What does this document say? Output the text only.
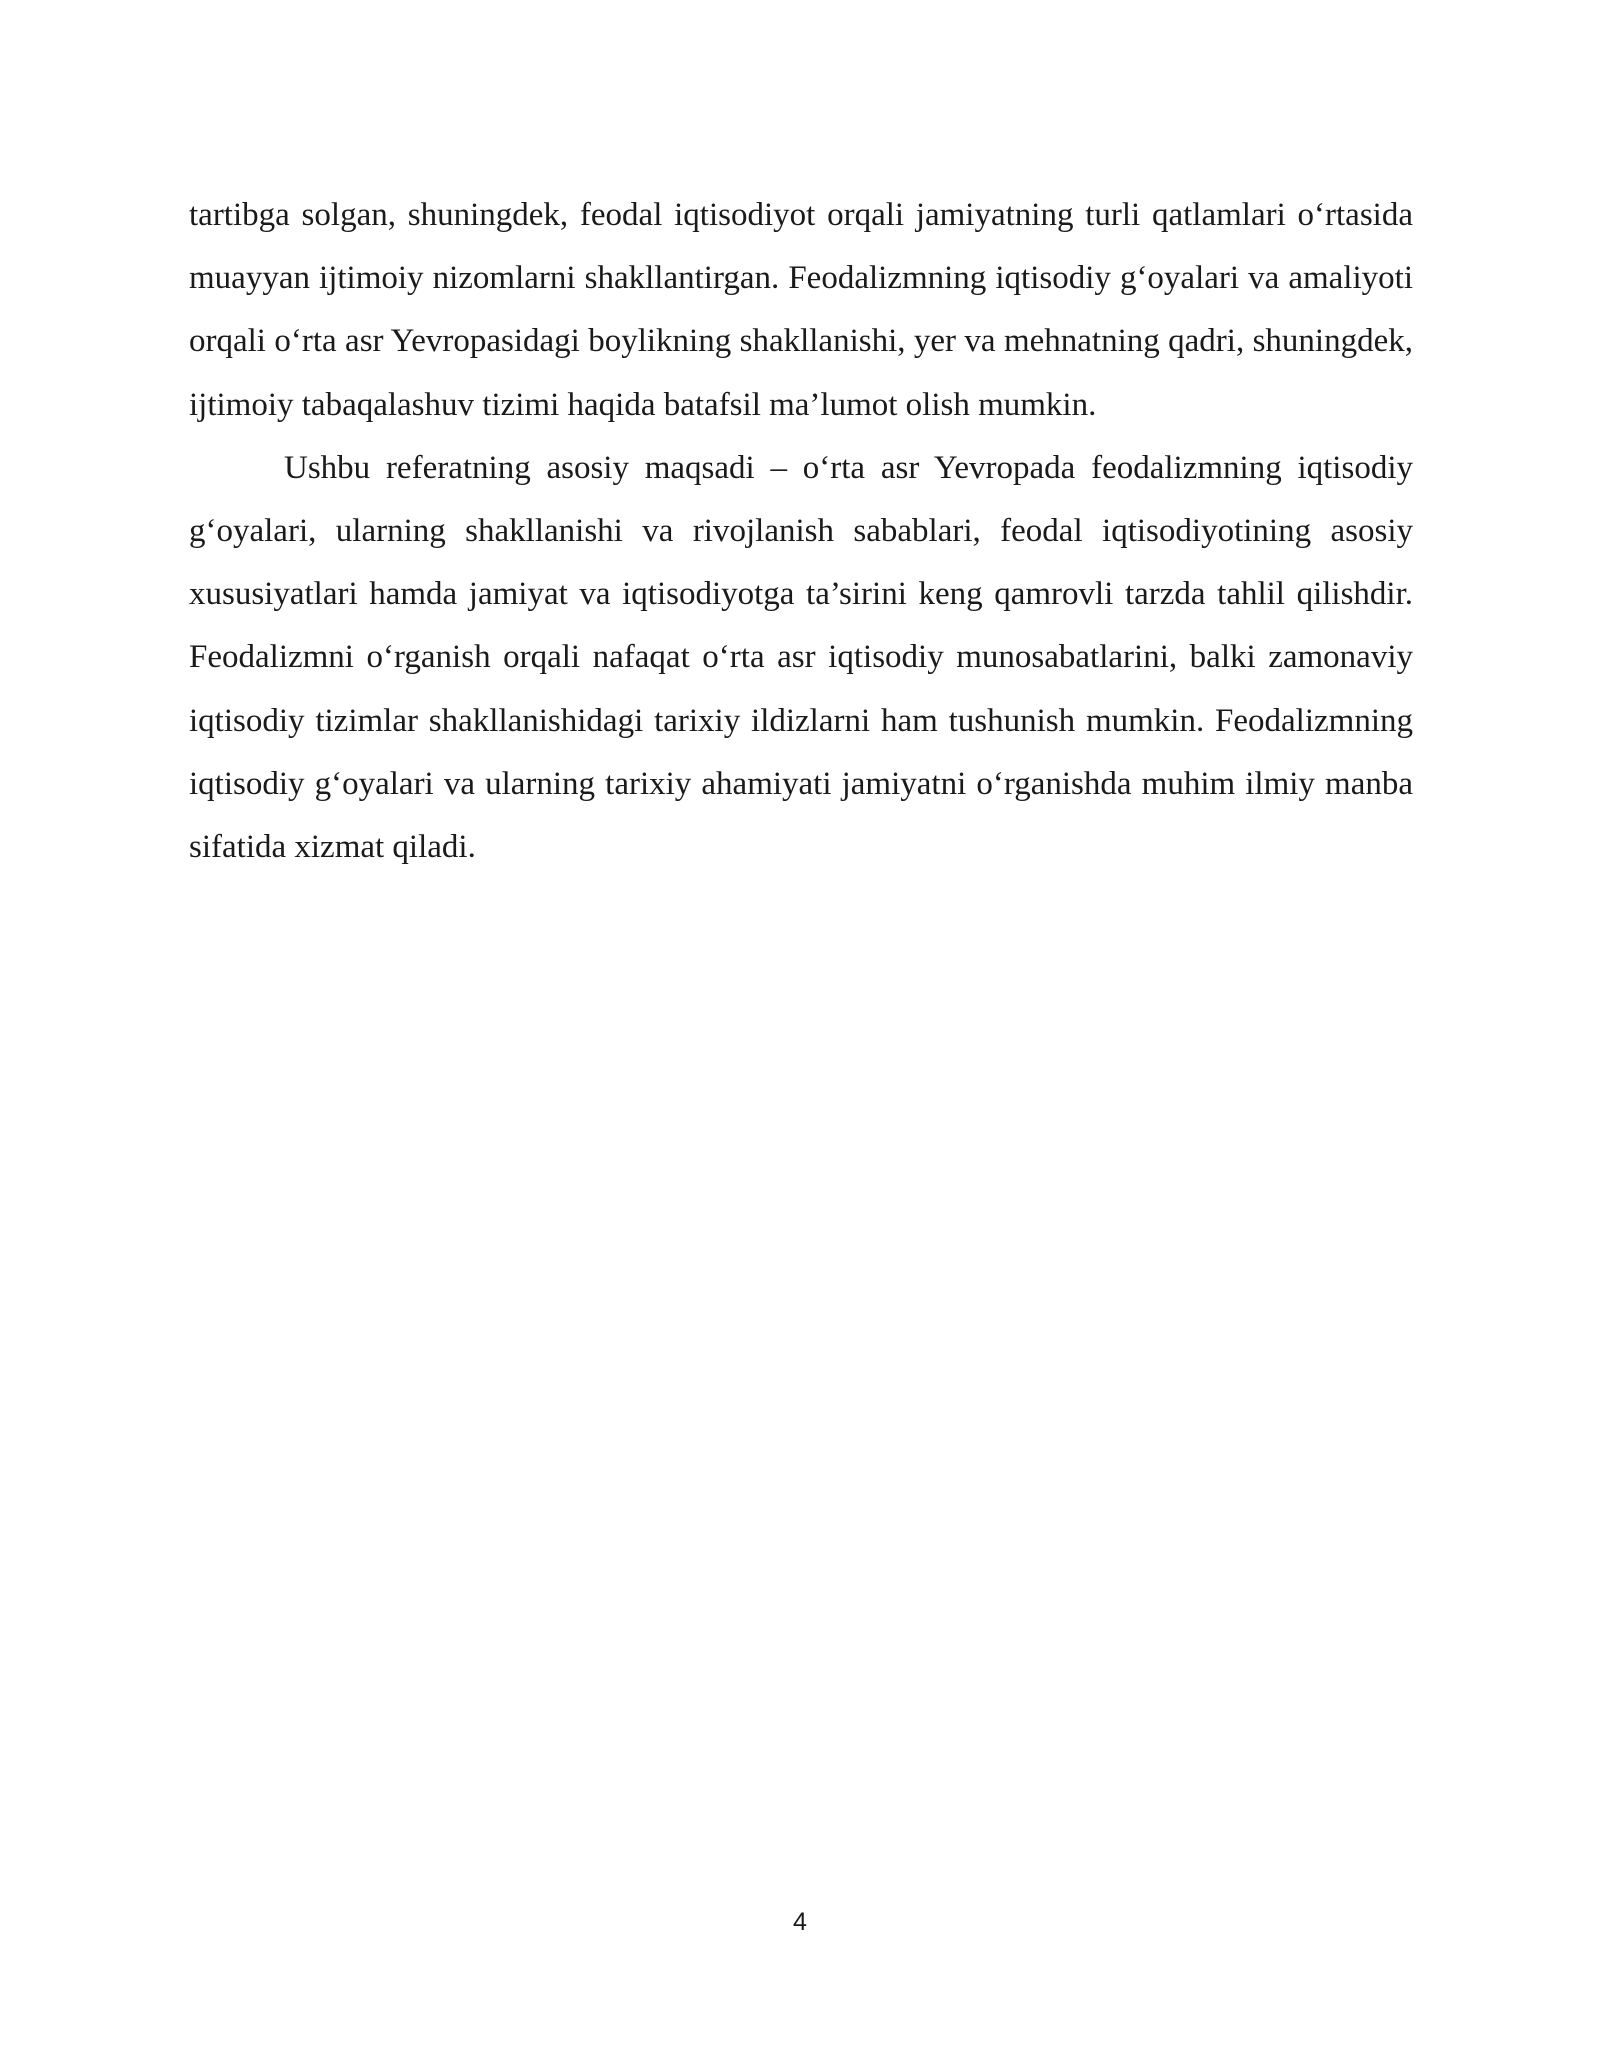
tartibga solgan, shuningdek, feodal iqtisodiyot orqali jamiyatning turli qatlamlari oʻrtasida muayyan ijtimoiy nizomlarni shakllantirgan. Feodalizmning iqtisodiy gʻoyalari va amaliyoti orqali oʻrta asr Yevropasidagi boylikning shakllanishi, yer va mehnatning qadri, shuningdek, ijtimoiy tabaqalashuv tizimi haqida batafsil ma’lumot olish mumkin.

Ushbu referatning asosiy maqsadi – oʻrta asr Yevropada feodalizmning iqtisodiy gʻoyalari, ularning shakllanishi va rivojlanish sabablari, feodal iqtisodiyotining asosiy xususiyatlari hamda jamiyat va iqtisodiyotga ta’sirini keng qamrovli tarzda tahlil qilishdir. Feodalizmni oʻrganish orqali nafaqat oʻrta asr iqtisodiy munosabatlarini, balki zamonaviy iqtisodiy tizimlar shakllanishidagi tarixiy ildizlarni ham tushunish mumkin. Feodalizmning iqtisodiy gʻoyalari va ularning tarixiy ahamiyati jamiyatni oʻrganishda muhim ilmiy manba sifatida xizmat qiladi.

4
